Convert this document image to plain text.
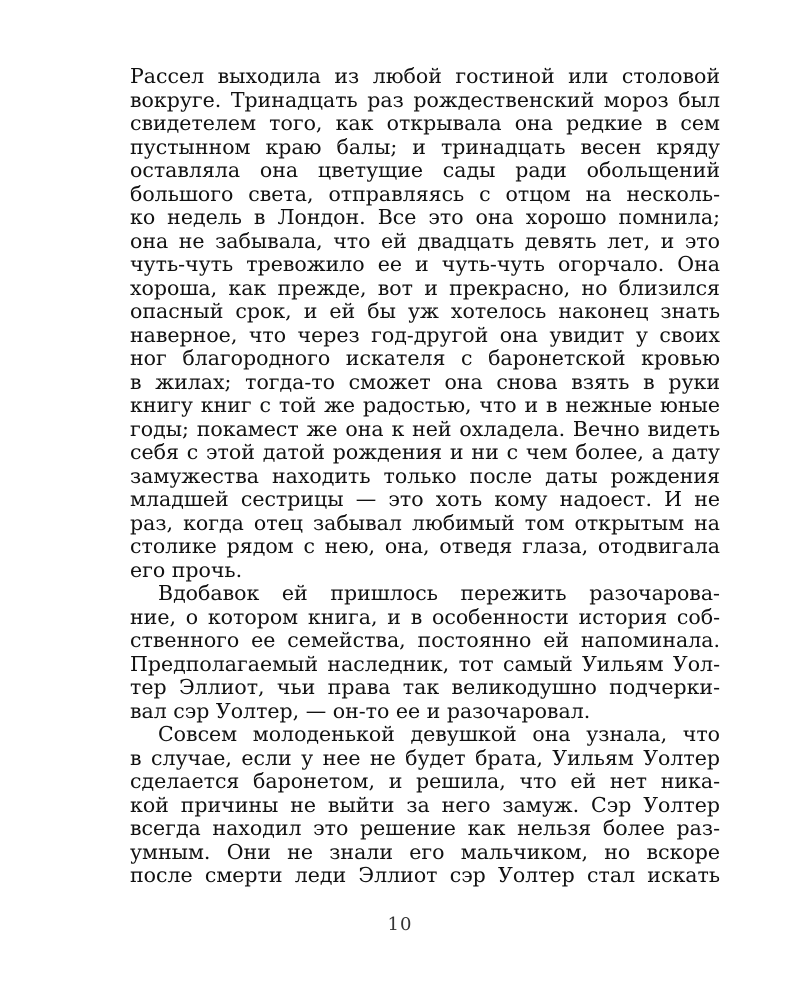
Рассел выходила из любой гостиной или столовой
вокруге. Тринадцать раз рождественский мороз был
свидетелем того, как открывала она редкие в сем
пустынном краю балы; и тринадцать весен кряду
оставляла она цветущие сады ради обольщений
большого света, отправляясь с отцом на несколь-
ко недель в Лондон. Все это она хорошо помнила;
она не забывала, что ей двадцать девять лет, и это
чуть-чуть тревожило ее и чуть-чуть огорчало. Она
хороша, как прежде, вот и прекрасно, но близился
опасный срок, и ей бы уж хотелось наконец знать
наверное, что через год-другой она увидит у своих
ног благородного искателя с баронетской кровью
в жилах; тогда-то сможет она снова взять в руки
книгу книг с той же радостью, что и в нежные юные
годы; покамест же она к ней охладела. Вечно видеть
себя с этой датой рождения и ни с чем более, а дату
замужества находить только после даты рождения
младшей сестрицы — это хоть кому надоест. И не
раз, когда отец забывал любимый том открытым на
столике рядом с нею, она, отведя глаза, отодвигала
его прочь.
Вдобавок ей пришлось пережить разочарова-
ние, о котором книга, и в особенности история соб-
ственного ее семейства, постоянно ей напоминала.
Предполагаемый наследник, тот самый Уильям Уол-
тер Эллиот, чьи права так великодушно подчерки-
вал сэр Уолтер, — он-то ее и разочаровал.
Совсем молоденькой девушкой она узнала, что
в случае, если у нее не будет брата, Уильям Уолтер
сделается баронетом, и решила, что ей нет ника-
кой причины не выйти за него замуж. Сэр Уолтер
всегда находил это решение как нельзя более раз-
умным. Они не знали его мальчиком, но вскоре
после смерти леди Эллиот сэр Уолтер стал искать
10
